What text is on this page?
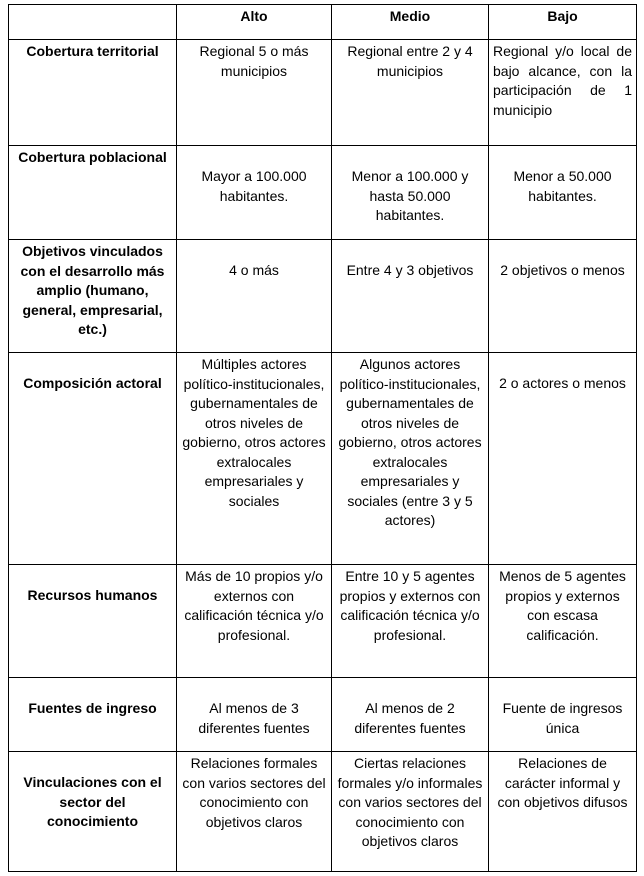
	Alto	Medio	Bajo
Cobertura territorial	Regional 5 o más municipios	Regional entre 2 y 4 municipios	Regional y/o local de bajo alcance, con la participación de 1 municipio
Cobertura poblacional	Mayor a 100.000 habitantes.	Menor a 100.000 y hasta 50.000 habitantes.	Menor a 50.000 habitantes.
Objetivos vinculados con el desarrollo más amplio (humano, general, empresarial, etc.)	4 o más	Entre 4 y 3 objetivos	2 objetivos o menos
Composición actoral	Múltiples actores político-institucionales, gubernamentales de otros niveles de gobierno, otros actores extralocales empresariales y sociales	Algunos actores político-institucionales, gubernamentales de otros niveles de gobierno, otros actores extralocales empresariales y sociales (entre 3 y 5 actores)	2 o actores o menos
Recursos humanos	Más de 10 propios y/o externos con calificación técnica y/o profesional.	Entre 10 y 5 agentes propios y externos con calificación técnica y/o profesional.	Menos de 5 agentes propios y externos con escasa calificación.
Fuentes de ingreso	Al menos de 3 diferentes fuentes	Al menos de 2 diferentes fuentes	Fuente de ingresos única
Vinculaciones con el sector del conocimiento	Relaciones formales con varios sectores del conocimiento con objetivos claros	Ciertas relaciones formales y/o informales con varios sectores del conocimiento con objetivos claros	Relaciones de carácter informal y con objetivos difusos
